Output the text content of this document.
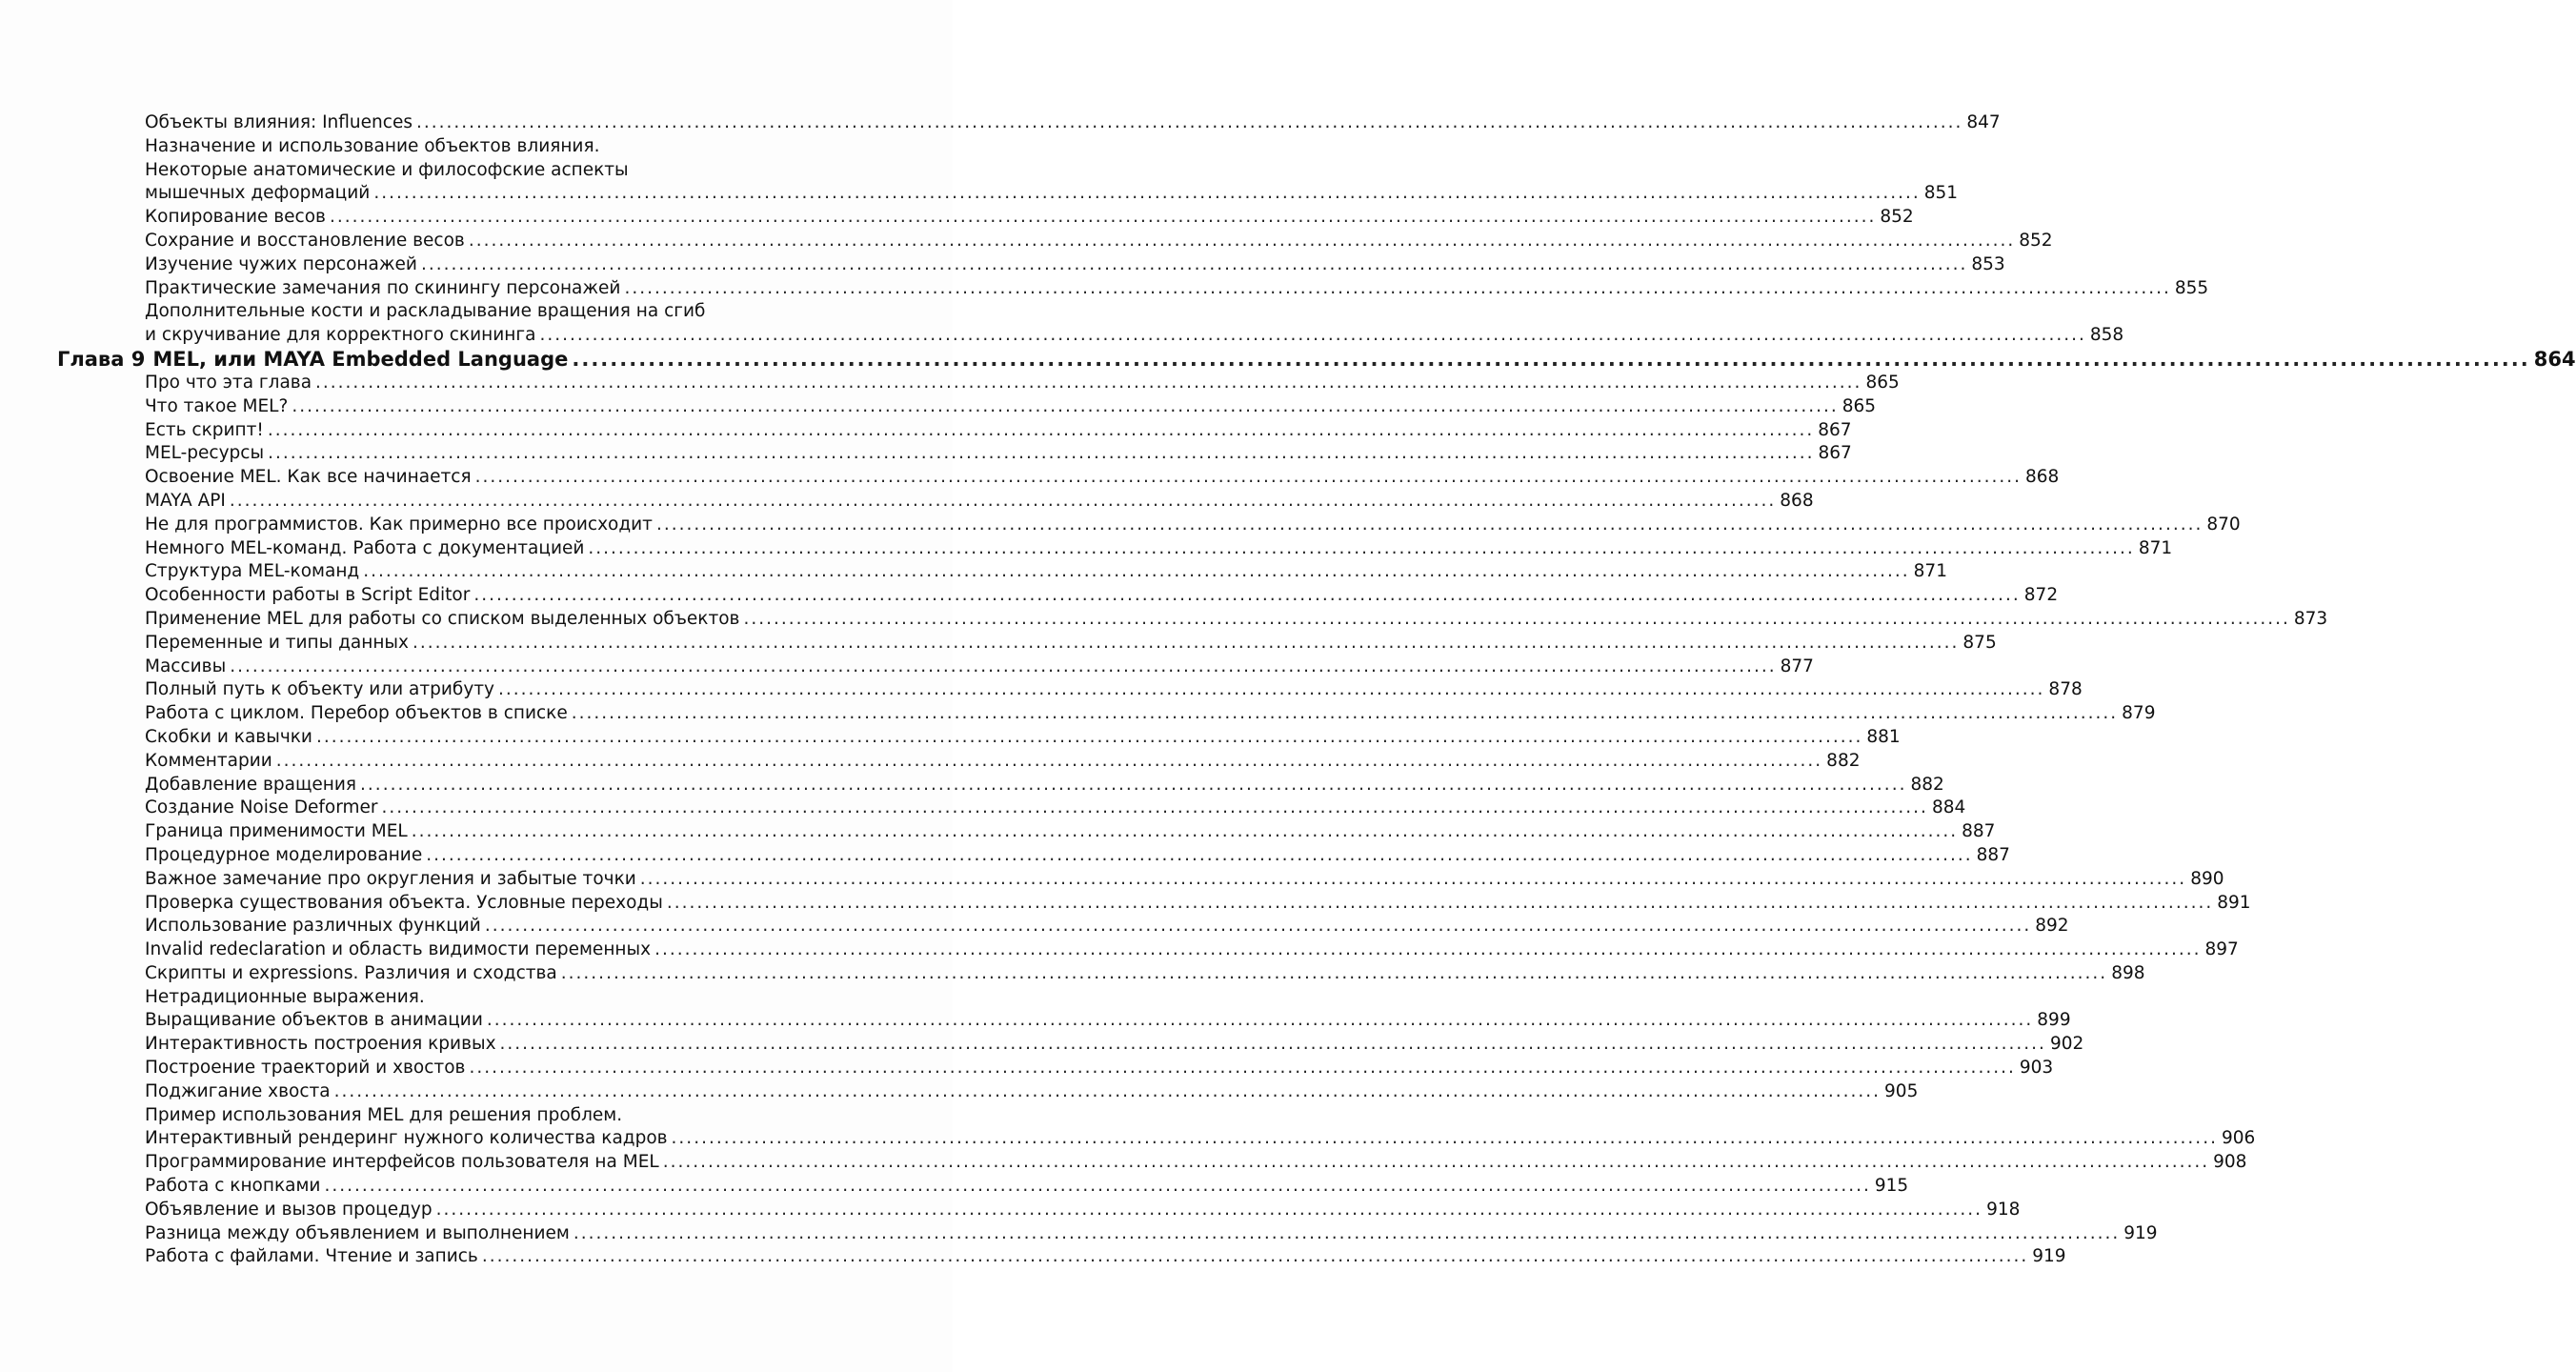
Объекты влияния: Influences .....	847
Назначение и использование объектов влияния.
Некоторые анатомические и философские аспекты
мышечных деформаций .....	851
Копирование весов .....	852
Сохрание и восстановление весов .....	852
Изучение чужих персонажей .....	853
Практические замечания по скинингу персонажей .....	855
Дополнительные кости и раскладывание вращения на сгиб
и скручивание для корректного скининга .....	858
Глава 9 MEL, или MAYA Embedded Language .....	864
Про что эта глава .....	865
Что такое MEL? .....	865
Есть скрипт! .....	867
MEL-ресурсы .....	867
Освоение MEL. Как все начинается .....	868
MAYA API .....	868
Не для программистов. Как примерно все происходит .....	870
Немного MEL-команд. Работа с документацией .....	871
Структура MEL-команд .....	871
Особенности работы в Script Editor .....	872
Применение MEL для работы со списком выделенных объектов .....	873
Переменные и типы данных .....	875
Массивы .....	877
Полный путь к объекту или атрибуту .....	878
Работа с циклом. Перебор объектов в списке .....	879
Скобки и кавычки .....	881
Комментарии .....	882
Добавление вращения .....	882
Создание Noise Deformer .....	884
Граница применимости MEL .....	887
Процедурное моделирование .....	887
Важное замечание про округления и забытые точки .....	890
Проверка существования объекта. Условные переходы .....	891
Использование различных функций .....	892
Invalid redeclaration и область видимости переменных .....	897
Скрипты и expressions. Различия и сходства .....	898
Нетрадиционные выражения.
Выращивание объектов в анимации .....	899
Интерактивность построения кривых .....	902
Построение траекторий и хвостов .....	903
Поджигание хвоста .....	905
Пример использования MEL для решения проблем.
Интерактивный рендеринг нужного количества кадров .....	906
Программирование интерфейсов пользователя на MEL .....	908
Работа с кнопками .....	915
Объявление и вызов процедур .....	918
Разница между объявлением и выполнением .....	919
Работа с файлами. Чтение и запись .....	919
